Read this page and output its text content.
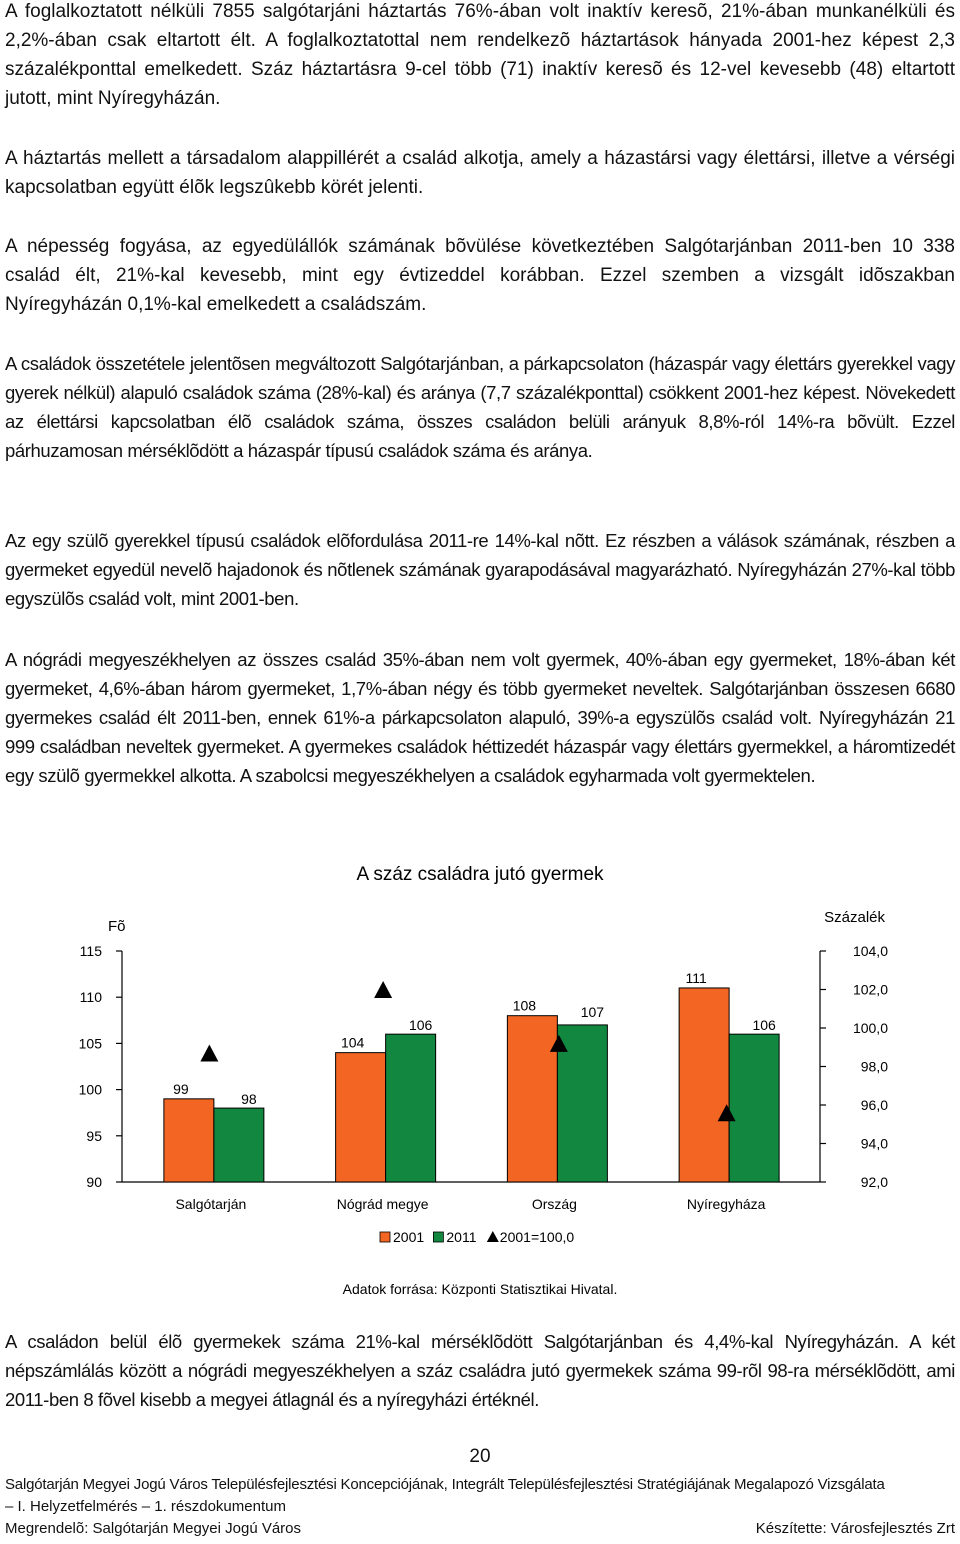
A foglalkoztatott nélküli 7855 salgótarjáni háztartás 76%-ában volt inaktív keresõ, 21%-ában munkanélküli és 2,2%-ában csak eltartott élt. A foglalkoztatottal nem rendelkezõ háztartások hányada 2001-hez képest 2,3 százalékponttal emelkedett. Száz háztartásra 9-cel több (71) inaktív keresõ és 12-vel kevesebb (48) eltartott jutott, mint Nyíregyházán.
A háztartás mellett a társadalom alappillérét a család alkotja, amely a házastársi vagy élettársi, illetve a vérségi kapcsolatban együtt élõk legszûkebb körét jelenti.
A népesség fogyása, az egyedülállók számának bõvülése következtében Salgótarjánban 2011-ben 10 338 család élt, 21%-kal kevesebb, mint egy évtizeddel korábban. Ezzel szemben a vizsgált idõszakban Nyíregyházán 0,1%-kal emelkedett a családszám.
A családok összetétele jelentõsen megváltozott Salgótarjánban, a párkapcsolaton (házaspár vagy élettárs gyerekkel vagy gyerek nélkül) alapuló családok száma (28%-kal) és aránya (7,7 százalékponttal) csökkent 2001-hez képest. Növekedett az élettársi kapcsolatban élõ családok száma, összes családon belüli arányuk 8,8%-ról 14%-ra bõvült. Ezzel párhuzamosan mérséklõdött a házaspár típusú családok száma és aránya.
Az egy szülõ gyerekkel típusú családok elõfordulása 2011-re 14%-kal nõtt. Ez részben a válások számának, részben a gyermeket egyedül nevelõ hajadonok és nõtlenek számának gyarapodásával magyarázható. Nyíregyházán 27%-kal több egyszülõs család volt, mint 2001-ben.
A nógrádi megyeszékhelyen az összes család 35%-ában nem volt gyermek, 40%-ában egy gyermeket, 18%-ában két gyermeket, 4,6%-ában három gyermeket, 1,7%-ában négy és több gyermeket neveltek. Salgótarjánban összesen 6680 gyermekes család élt 2011-ben, ennek 61%-a párkapcsolaton alapuló, 39%-a egyszülõs család volt. Nyíregyházán 21 999 családban neveltek gyermeket. A gyermekes családok héttizedét házaspár vagy élettárs gyermekkel, a háromtizedét egy szülõ gyermekkel alkotta. A szabolcsi megyeszékhelyen a családok egyharmada volt gyermektelen.
A száz családra jutó gyermek
Fõ
Százalék
90
95
100
105
110
115
92,0
94,0
96,0
98,0
100,0
102,0
104,0
Salgótarján	Nógrád megye	Ország	Nyíregyháza
99
98
104
106
108	107
111
106
2001 2011 2001=100,0
Adatok forrása: Központi Statisztikai Hivatal.
A családon belül élõ gyermekek száma 21%-kal mérséklõdött Salgótarjánban és 4,4%-kal Nyíregyházán. A két népszámlálás között a nógrádi megyeszékhelyen a száz családra jutó gyermekek száma 99-rõl 98-ra mérséklõdött, ami 2011-ben 8 fõvel kisebb a megyei átlagnál és a nyíregyházi értéknél.
20
Salgótarján Megyei Jogú Város Településfejlesztési Koncepciójának, Integrált Településfejlesztési Stratégiájának Megalapozó Vizsgálata
– I. Helyzetfelmérés – 1. részdokumentum
Megrendelõ: Salgótarján Megyei Jogú Város	Készítette: Városfejlesztés Zrt
